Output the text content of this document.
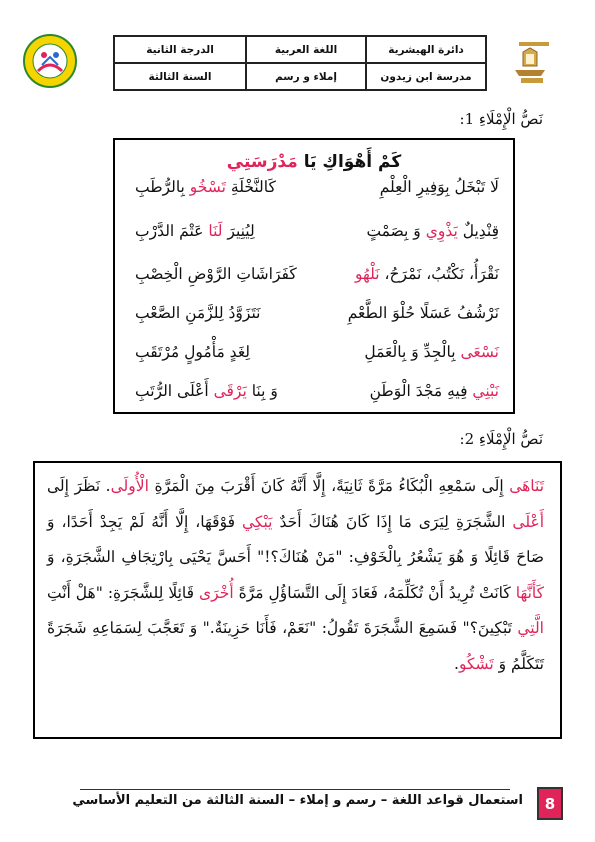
دائرة الهيشرية
اللغة العربية
الدرجة الثانية
مدرسة ابن زيدون
إملاء و رسم
السنة الثالثة
نَصُّ الْإِمْلَاءِ 1:
كَمْ أَهْوَاكِ يَا مَدْرَسَتِي
لَا تَبْخَلُ بِوَفِيرِ الْعِلْمِ
كَالنَّخْلَةِ تَسْخُو بِالرُّطَبِ
قِنْدِيلٌ يَذْوِي وَ بِصَمْتٍ
لِيُنِيرَ لَنَا عَتْمَ الدَّرْبِ
نَقْرَأُ، نَكْتُبُ، نَمْرَحُ، نَلْهُو
كَفَرَاشَاتِ الرَّوْضِ الْخِصْبِ
نَرْشُفُ عَسَلًا حُلْوَ الطَّعْمِ
نَتَزَوَّدُ لِلزَّمَنِ الصَّعْبِ
نَسْعَى بِالْجِدِّ وَ بِالْعَمَلِ
لِغَدٍ مَأْمُولٍ مُرْتَقَبِ
نَبْنِي فِيهِ مَجْدَ الْوَطَنِ
وَ بِنَا يَرْقَى أَعْلَى الرُّتَبِ
نَصُّ الْإِمْلَاءِ 2:
تَنَاهَى إِلَى سَمْعِهِ الْبُكَاءُ مَرَّةً ثَانِيَةً، إِلَّا أَنَّهُ كَانَ أَقْرَبَ مِنَ الْمَرَّةِ الْأُولَى. نَظَرَ إِلَى أَعْلَى الشَّجَرَةِ لِيَرَى مَا إِذَا كَانَ هُنَاكَ أَحَدٌ يَبْكِي فَوْقَهَا، إِلَّا أَنَّهُ لَمْ يَجِدْ أَحَدًا، وَ صَاحَ قَائِلًا وَ هُوَ يَشْعُرُ بِالْخَوْفِ: "مَنْ هُنَاكَ؟!" أَحَسَّ يَحْيَى بِارْتِجَافِ الشَّجَرَةِ، وَ كَأَنَّهَا كَانَتْ تُرِيدُ أَنْ تُكَلِّمَهُ، فَعَادَ إِلَى التَّسَاؤُلِ مَرَّةً أُخْرَى قَائِلًا لِلشَّجَرَةِ: "هَلْ أَنْتِ الَّتِي تَبْكِينَ؟" فَسَمِعَ الشَّجَرَةَ تَقُولُ: "نَعَمْ، فَأَنَا حَزِينَةٌ." وَ تَعَجَّبَ لِسَمَاعِهِ شَجَرَةً تَتَكَلَّمُ وَ تَشْكُو.
استعمال قواعد اللغة – رسم و إملاء – السنة الثالثة من التعليم الأساسي	8
